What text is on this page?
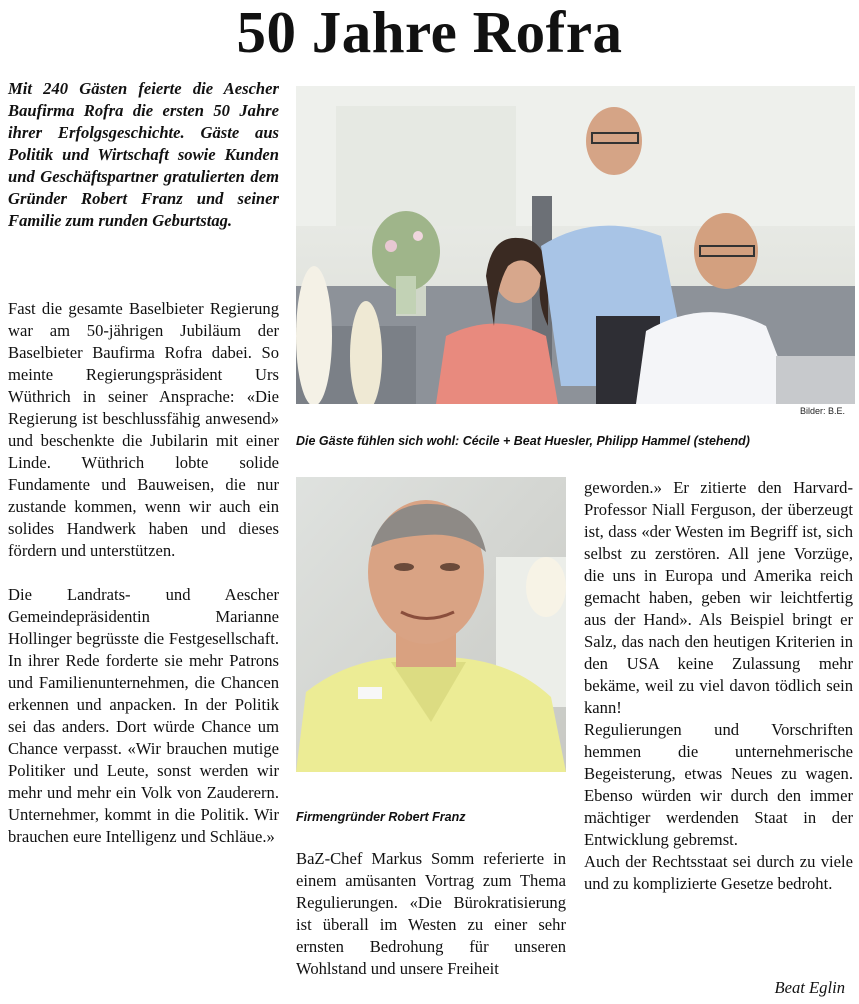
50 Jahre Rofra

Mit 240 Gästen feierte die Aescher Baufirma Rofra die ersten 50 Jahre ihrer Erfolgsgeschichte. Gäste aus Politik und Wirtschaft sowie Kunden und Geschäftspartner gratulierten dem Gründer Robert Franz und seiner Familie zum runden Geburtstag.

Fast die gesamte Baselbieter Regierung war am 50-jährigen Jubiläum der Baselbieter Baufirma Rofra dabei. So meinte Regierungspräsident Urs Wüthrich in seiner Ansprache: «Die Regierung ist beschlussfähig anwesend» und beschenkte die Jubilarin mit einer Linde. Wüthrich lobte solide Fundamente und Bauweisen, die nur zustande kommen, wenn wir auch ein solides Handwerk haben und dieses fördern und unterstützen.

Die Landrats- und Aescher Gemeindepräsidentin Marianne Hollinger begrüsste die Festgesellschaft. In ihrer Rede forderte sie mehr Patrons und Familienunternehmen, die Chancen erkennen und anpacken. In der Politik sei das anders. Dort würde Chance um Chance verpasst. «Wir brauchen mutige Politiker und Leute, sonst werden wir mehr und mehr ein Volk von Zauderern. Unternehmer, kommt in die Politik. Wir brauchen eure Intelligenz und Schläue.»

Bilder: B.E.
Die Gäste fühlen sich wohl: Cécile + Beat Huesler, Philipp Hammel (stehend)
Firmengründer Robert Franz

BaZ-Chef Markus Somm referierte in einem amüsanten Vortrag zum Thema Regulierungen. «Die Bürokratisierung ist überall im Westen zu einer sehr ernsten Bedrohung für unseren Wohlstand und unsere Freiheit

geworden.» Er zitierte den Harvard-Professor Niall Ferguson, der überzeugt ist, dass «der Westen im Begriff ist, sich selbst zu zerstören. All jene Vorzüge, die uns in Europa und Amerika reich gemacht haben, geben wir leichtfertig aus der Hand». Als Beispiel bringt er Salz, das nach den heutigen Kriterien in den USA keine Zulassung mehr bekäme, weil zu viel davon tödlich sein kann!

Regulierungen und Vorschriften hemmen die unternehmerische Begeisterung, etwas Neues zu wagen. Ebenso würden wir durch den immer mächtiger werdenden Staat in der Entwicklung gebremst.

Auch der Rechtsstaat sei durch zu viele und zu komplizierte Gesetze bedroht.

Beat Eglin
